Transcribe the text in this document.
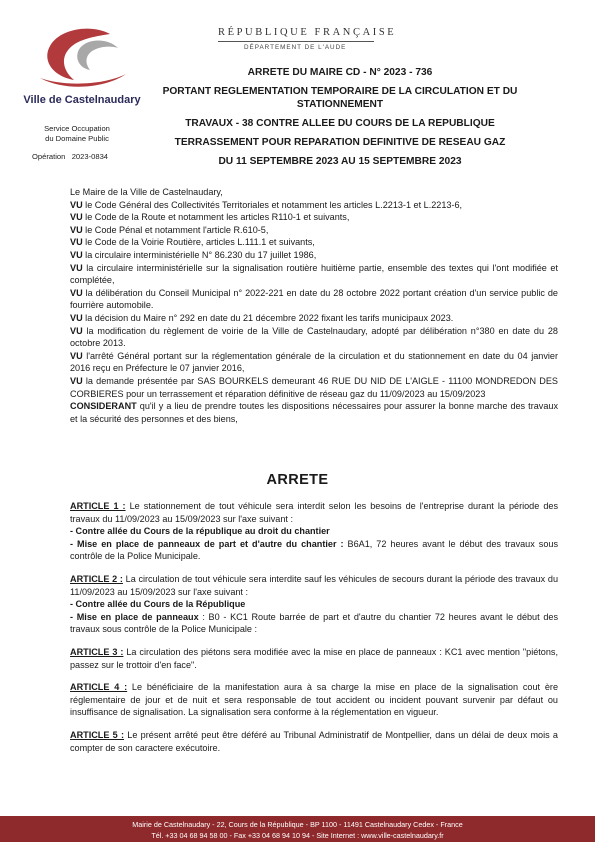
Ville de Castelnaudary
Service Occupation
du Domaine Public
Opération 2023-0834
RÉPUBLIQUE FRANÇAISE
DÉPARTEMENT DE L'AUDE
ARRETE DU MAIRE CD - N° 2023 - 736
PORTANT REGLEMENTATION TEMPORAIRE DE LA CIRCULATION ET DU
STATIONNEMENT
TRAVAUX - 38 CONTRE ALLEE DU COURS DE LA REPUBLIQUE
TERRASSEMENT POUR REPARATION DEFINITIVE DE RESEAU GAZ
DU 11 SEPTEMBRE 2023 AU 15 SEPTEMBRE 2023

Le Maire de la Ville de Castelnaudary,

VU le Code Général des Collectivités Territoriales et notamment les articles L.2213-1 et L.2213-6,

VU le Code de la Route et notamment les articles R110-1 et suivants,

VU le Code Pénal et notamment l'article R.610-5,

VU le Code de la Voirie Routière, articles L.111.1 et suivants,

VU la circulaire interministérielle N° 86.230 du 17 juillet 1986,

VU la circulaire interministérielle sur la signalisation routière huitième partie, ensemble des textes qui l'ont modifiée et complétée,

VU la délibération du Conseil Municipal n° 2022-221 en date du 28 octobre 2022 portant création d'un service public de fourrière automobile.

VU la décision du Maire n° 292 en date du 21 décembre 2022 fixant les tarifs municipaux 2023.

VU la modification du règlement de voirie de la Ville de Castelnaudary, adopté par délibération n°380 en date du 28 octobre 2013.

VU l'arrêté Général portant sur la réglementation générale de la circulation et du stationnement en date du 04 janvier 2016 reçu en Préfecture le 07 janvier 2016,

VU la demande présentée par SAS BOURKELS demeurant 46 RUE DU NID DE L'AIGLE - 11100 MONDREDON DES CORBIERES pour un terrassement et réparation définitive de réseau gaz du 11/09/2023 au 15/09/2023

CONSIDERANT qu'il y a lieu de prendre toutes les dispositions nécessaires pour assurer la bonne marche des travaux et la sécurité des personnes et des biens,

ARRETE

ARTICLE 1 : Le stationnement de tout véhicule sera interdit selon les besoins de l'entreprise durant la période des travaux du 11/09/2023 au 15/09/2023 sur l'axe suivant :
- Contre allée du Cours de la république au droit du chantier
- Mise en place de panneaux de part et d'autre du chantier : B6A1, 72 heures avant le début des travaux sous contrôle de la Police Municipale.

ARTICLE 2 : La circulation de tout véhicule sera interdite sauf les véhicules de secours durant la période des travaux du 11/09/2023 au 15/09/2023 sur l'axe suivant :
- Contre allée du Cours de la République
- Mise en place de panneaux : B0 - KC1 Route barrée de part et d'autre du chantier 72 heures avant le début des travaux sous contrôle de la Police Municipale :

ARTICLE 3 : La circulation des piétons sera modifiée avec la mise en place de panneaux : KC1 avec mention "piétons, passez sur le trottoir d'en face".

ARTICLE 4 : Le bénéficiaire de la manifestation aura à sa charge la mise en place de la signalisation cout ère réglementaire de jour et de nuit et sera responsable de tout accident ou incident pouvant survenir par défaut ou insuffisance de signalisation. La signalisation sera conforme à la réglementation en vigueur.

ARTICLE 5 : Le présent arrêté peut être déféré au Tribunal Administratif de Montpellier, dans un délai de deux mois a compter de son caractere exécutoire.

Mairie de Castelnaudary - 22, Cours de la République - BP 1100 - 11491 Castelnaudary Cedex - France
Tél. +33 04 68 94 58 00 - Fax +33 04 68 94 10 94 - Site Internet : www.ville-castelnaudary.fr
